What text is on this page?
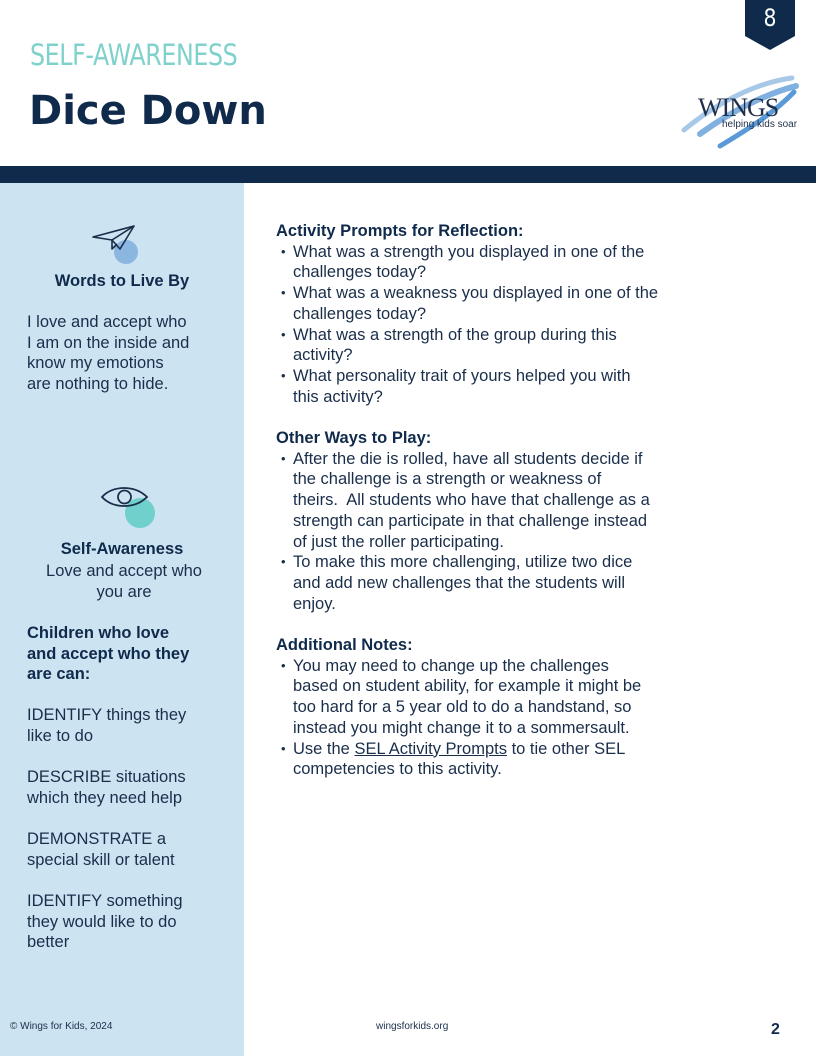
SELF-AWARENESS
Dice Down
8
WINGS
helping kids soar
Words to Live By
I love and accept who
I am on the inside and
know my emotions
are nothing to hide.
Self-Awareness
Love and accept who
you are
Children who love
and accept who they
are can:
IDENTIFY things they
like to do
DESCRIBE situations
which they need help
DEMONSTRATE a
special skill or talent
IDENTIFY something
they would like to do
better
Activity Prompts for Reflection:
• What was a strength you displayed in one of the
challenges today?
• What was a weakness you displayed in one of the
challenges today?
• What was a strength of the group during this
activity?
• What personality trait of yours helped you with
this activity?
Other Ways to Play:
• After the die is rolled, have all students decide if
the challenge is a strength or weakness of
theirs.  All students who have that challenge as a
strength can participate in that challenge instead
of just the roller participating.
• To make this more challenging, utilize two dice
and add new challenges that the students will
enjoy.
Additional Notes:
• You may need to change up the challenges
based on student ability, for example it might be
too hard for a 5 year old to do a handstand, so
instead you might change it to a sommersault.
• Use the SEL Activity Prompts to tie other SEL
competencies to this activity.
© Wings for Kids, 2024	wingsforkids.org	2
